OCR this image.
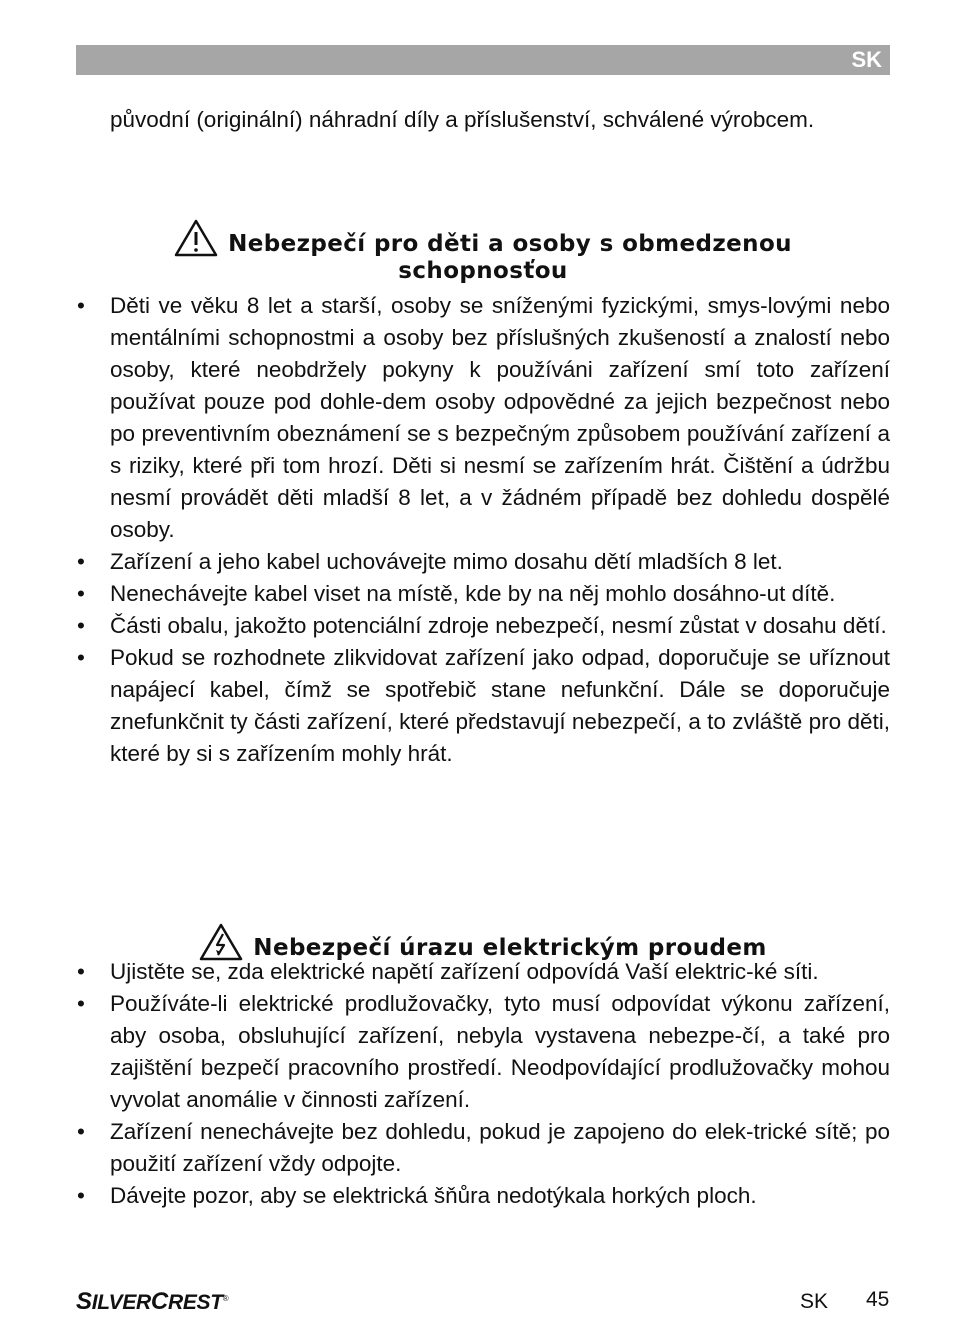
SK
původní (originální) náhradní díly a příslušenství, schválené výrobcem.
Nebezpečí pro děti a osoby s obmedzenou
schopnosťou
• Děti ve věku 8 let a starší, osoby se sníženými fyzickými, smys-lovými nebo mentálními schopnostmi a osoby bez příslušných zkušeností a znalostí nebo osoby, které neobdržely pokyny k používáni zařízení smí toto zařízení používat pouze pod dohle-dem osoby odpovědné za jejich bezpečnost nebo po preventivním obeznámení se s bezpečným způsobem používání zařízení a s riziky, které při tom hrozí. Děti si nesmí se zařízením hrát. Čištění a údržbu nesmí provádět děti mladší 8 let, a v žádném případě bez dohledu dospělé osoby.
• Zařízení a jeho kabel uchovávejte mimo dosahu dětí mladších 8 let.
• Nenechávejte kabel viset na místě, kde by na něj mohlo dosáhno-ut dítě.
• Části obalu, jakožto potenciální zdroje nebezpečí, nesmí zůstat v dosahu dětí.
• Pokud se rozhodnete zlikvidovat zařízení jako odpad, doporučuje se uříznout napájecí kabel, čímž se spotřebič stane nefunkční. Dále se doporučuje znefunkčnit ty části zařízení, které představují nebezpečí, a to zvláště pro děti, které by si s zařízením mohly hrát.
Nebezpečí úrazu elektrickým proudem
• Ujistěte se, zda elektrické napětí zařízení odpovídá Vaší elektric-ké síti.
• Používáte-li elektrické prodlužovačky, tyto musí odpovídat výkonu zařízení, aby osoba, obsluhující zařízení, nebyla vystavena nebezpe-čí, a také pro zajištění bezpečí pracovního prostředí. Neodpovídající prodlužovačky mohou vyvolat anomálie v činnosti zařízení.
• Zařízení nenechávejte bez dohledu, pokud je zapojeno do elek-trické sítě; po použití zařízení vždy odpojte.
• Dávejte pozor, aby se elektrická šňůra nedotýkala horkých ploch.
SILVERCREST®	SK 45
